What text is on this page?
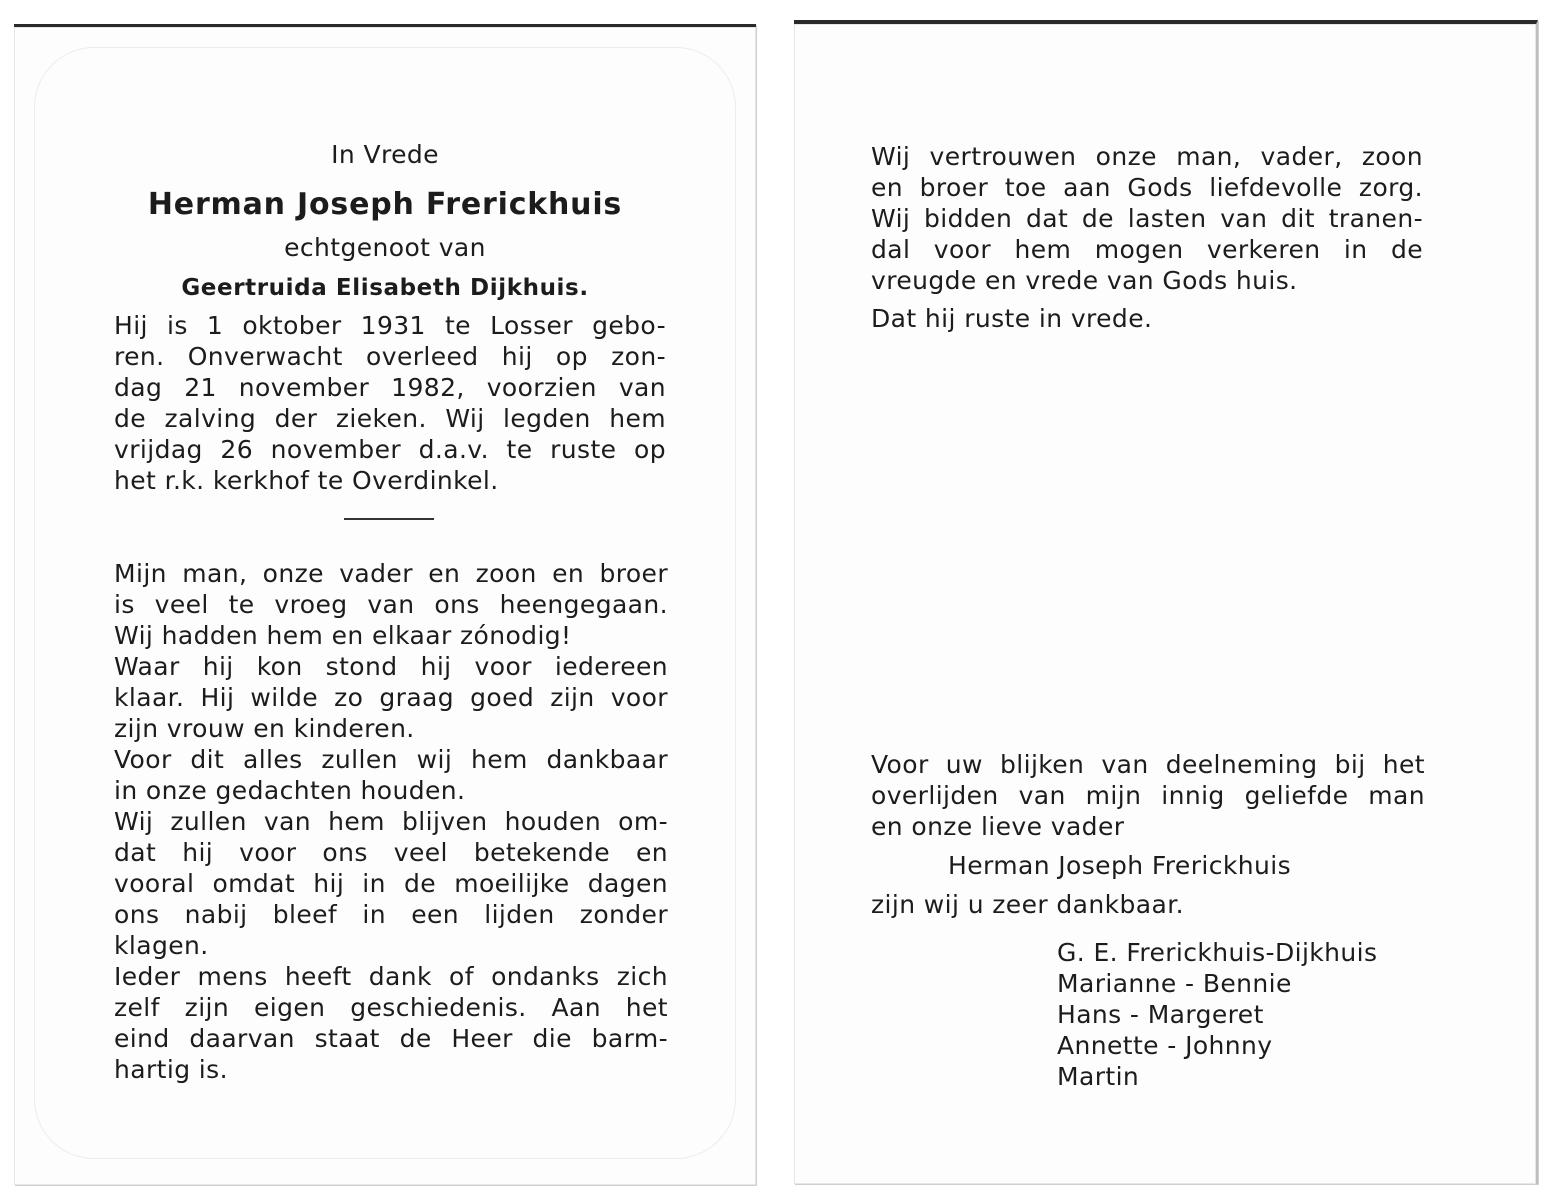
In Vrede
Herman Joseph Frerickhuis
echtgenoot van
Geertruida Elisabeth Dijkhuis.
Hij is 1 oktober 1931 te Losser gebo-
ren. Onverwacht overleed hij op zon-
dag 21 november 1982, voorzien van
de zalving der zieken. Wij legden hem
vrijdag 26 november d.a.v. te ruste op
het r.k. kerkhof te Overdinkel.
Mijn man, onze vader en zoon en broer
is veel te vroeg van ons heengegaan.
Wij hadden hem en elkaar zónodig!
Waar hij kon stond hij voor iedereen
klaar. Hij wilde zo graag goed zijn voor
zijn vrouw en kinderen.
Voor dit alles zullen wij hem dankbaar
in onze gedachten houden.
Wij zullen van hem blijven houden om-
dat hij voor ons veel betekende en
vooral omdat hij in de moeilijke dagen
ons nabij bleef in een lijden zonder
klagen.
Ieder mens heeft dank of ondanks zich
zelf zijn eigen geschiedenis. Aan het
eind daarvan staat de Heer die barm-
hartig is.
Wij vertrouwen onze man, vader, zoon
en broer toe aan Gods liefdevolle zorg.
Wij bidden dat de lasten van dit tranen-
dal voor hem mogen verkeren in de
vreugde en vrede van Gods huis.
Dat hij ruste in vrede.
Voor uw blijken van deelneming bij het
overlijden van mijn innig geliefde man
en onze lieve vader
Herman Joseph Frerickhuis
zijn wij u zeer dankbaar.
G. E. Frerickhuis-Dijkhuis
Marianne - Bennie
Hans - Margeret
Annette - Johnny
Martin
